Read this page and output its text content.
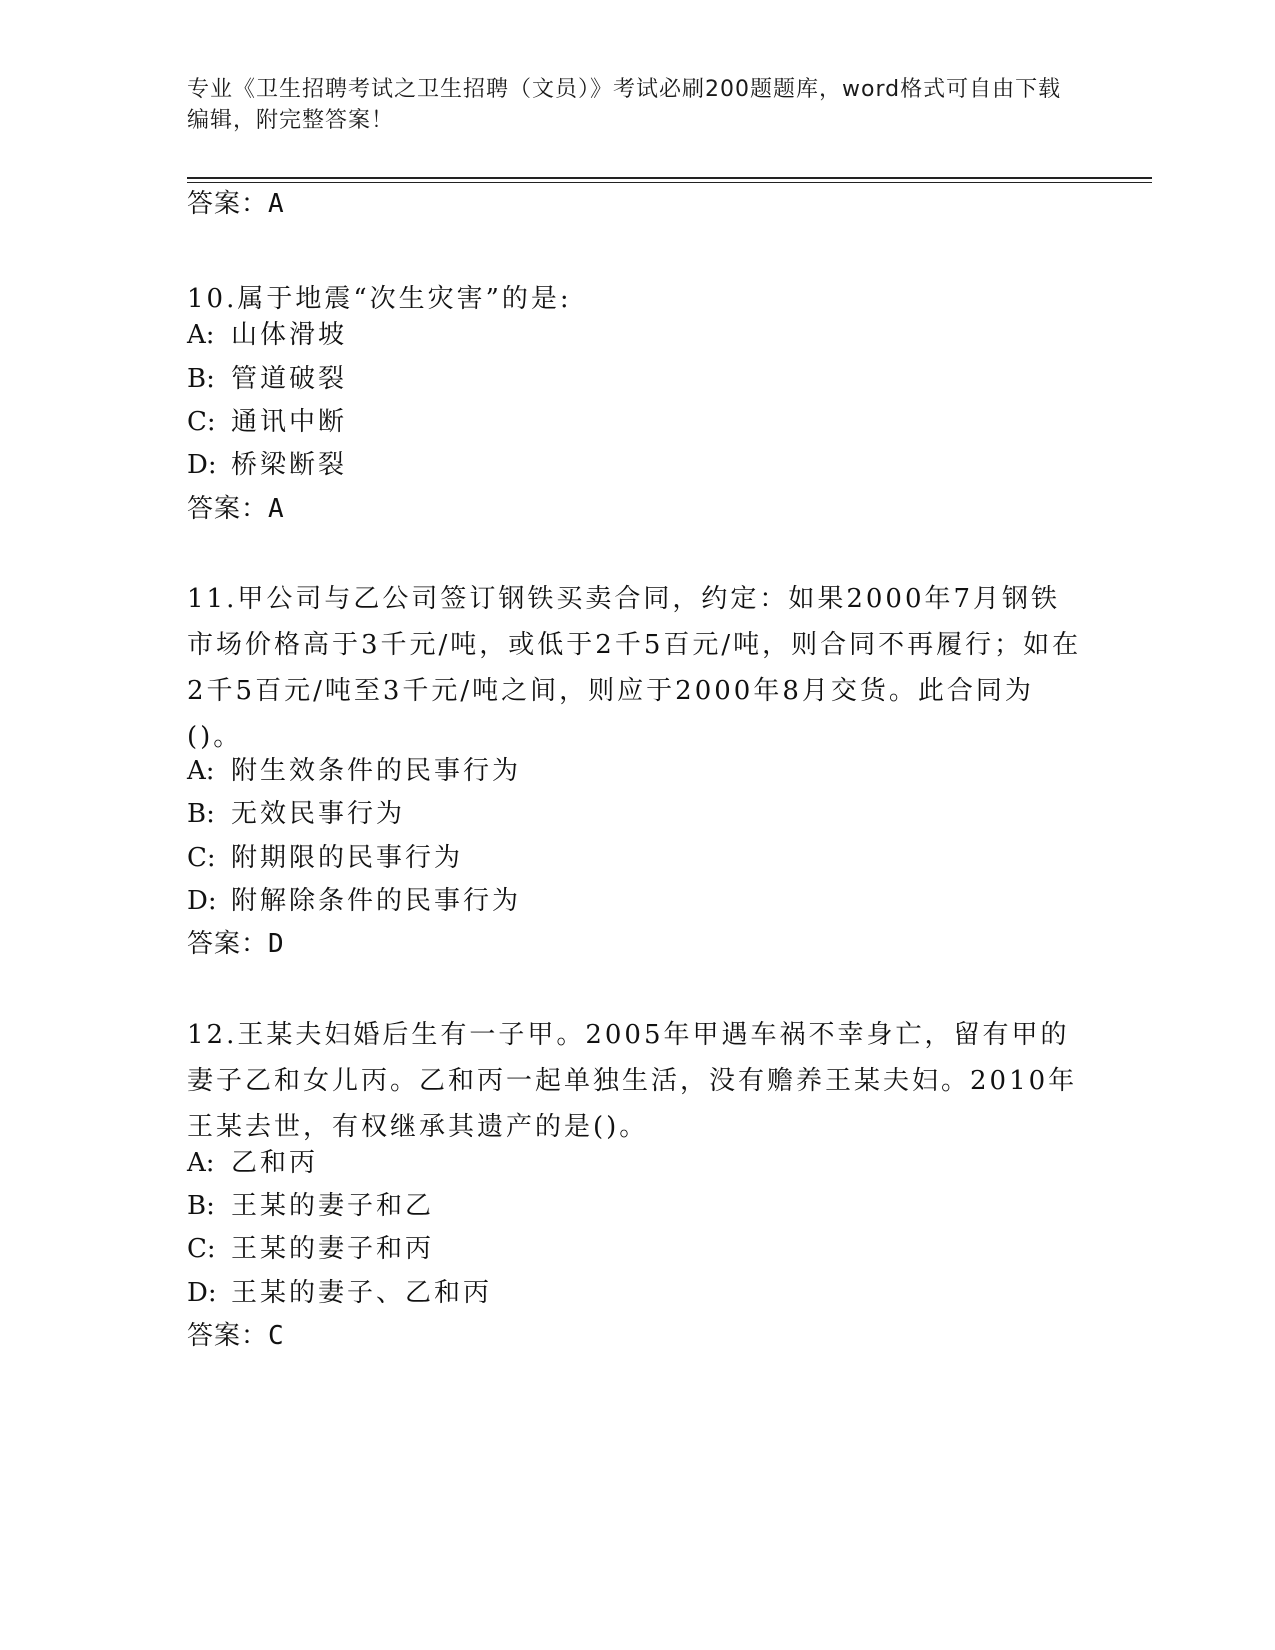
专业《卫生招聘考试之卫生招聘（文员）》考试必刷200题题库，word格式可自由下载编辑，附完整答案！
答案：A
10.属于地震“次生灾害”的是:
A: 山体滑坡
B: 管道破裂
C: 通讯中断
D: 桥梁断裂
答案：A
11.甲公司与乙公司签订钢铁买卖合同，约定：如果2000年7月钢铁市场价格高于3千元/吨，或低于2千5百元/吨，则合同不再履行；如在2千5百元/吨至3千元/吨之间，则应于2000年8月交货。此合同为()。
A: 附生效条件的民事行为
B: 无效民事行为
C: 附期限的民事行为
D: 附解除条件的民事行为
答案：D
12.王某夫妇婚后生有一子甲。2005年甲遇车祸不幸身亡，留有甲的妻子乙和女儿丙。乙和丙一起单独生活，没有赡养王某夫妇。2010年王某去世，有权继承其遗产的是()。
A: 乙和丙
B: 王某的妻子和乙
C: 王某的妻子和丙
D: 王某的妻子、乙和丙
答案：C
